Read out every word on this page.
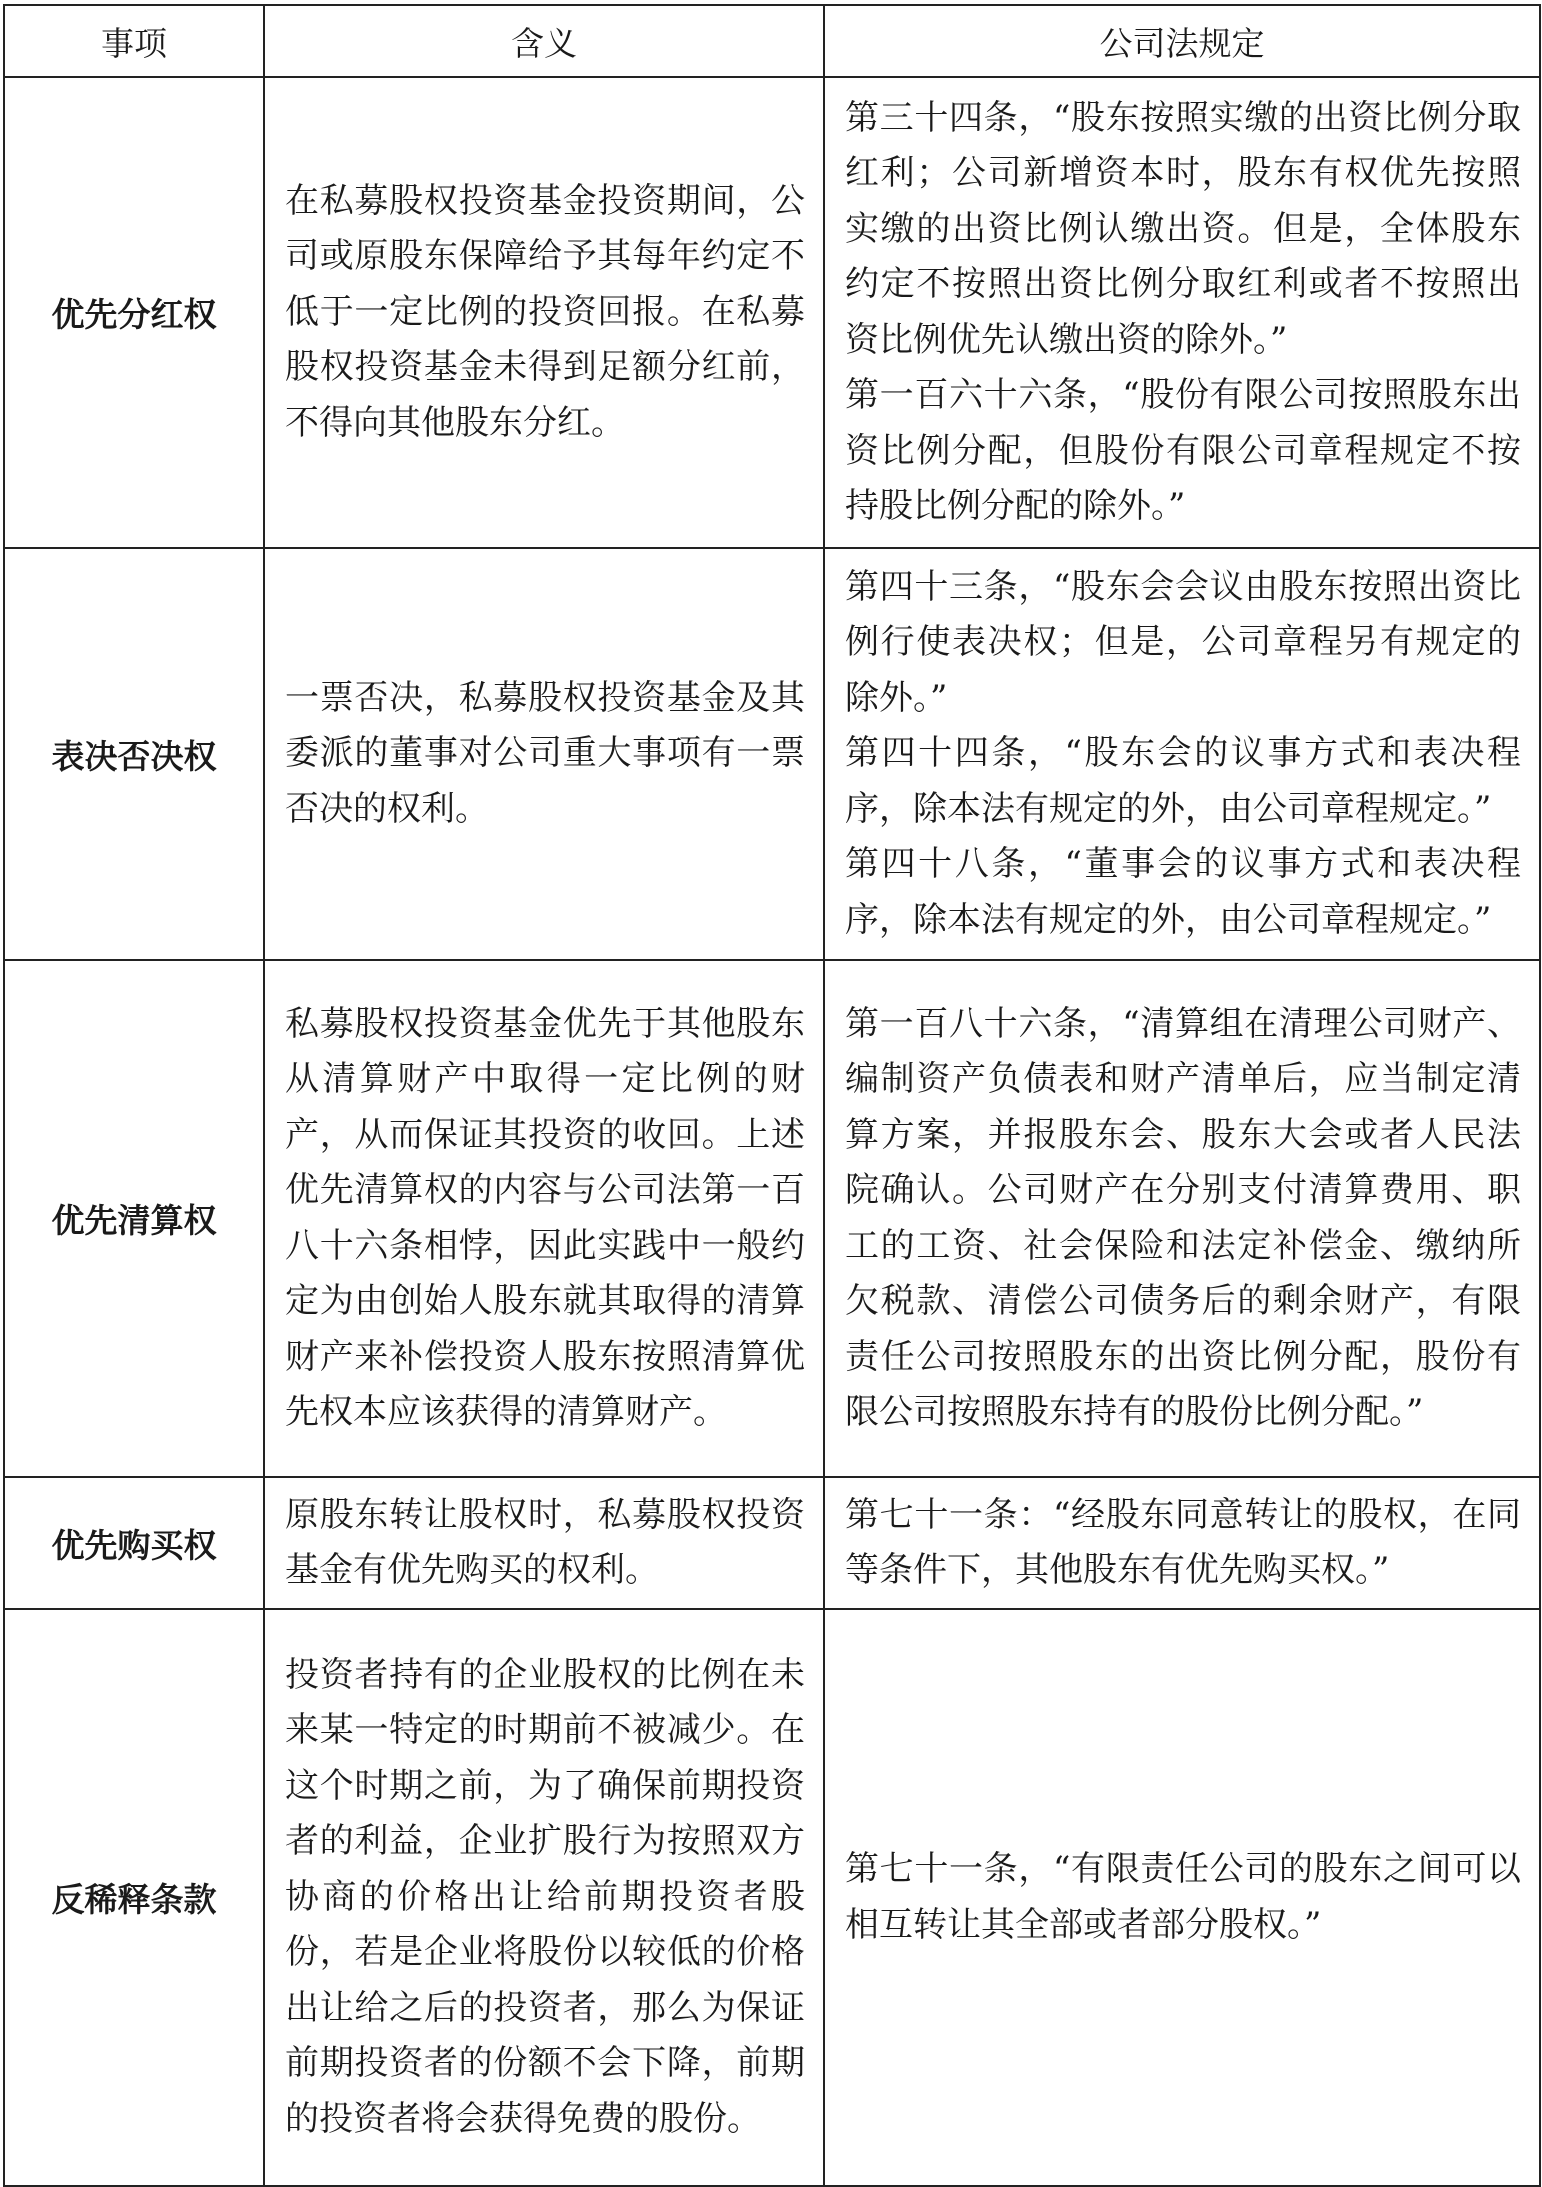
事项	含义	公司法规定
优先分红权	在私募股权投资基金投资期间，公司或原股东保障给予其每年约定不低于一定比例的投资回报。在私募股权投资基金未得到足额分红前，不得向其他股东分红。	第三十四条，“股东按照实缴的出资比例分取红利；公司新增资本时，股东有权优先按照实缴的出资比例认缴出资。但是，全体股东约定不按照出资比例分取红利或者不按照出资比例优先认缴出资的除外。”
第一百六十六条，“股份有限公司按照股东出资比例分配，但股份有限公司章程规定不按持股比例分配的除外。”

表决否决权	一票否决，私募股权投资基金及其委派的董事对公司重大事项有一票否决的权利。	第四十三条，“股东会会议由股东按照出资比例行使表决权；但是，公司章程另有规定的除外。”
第四十四条，“股东会的议事方式和表决程序，除本法有规定的外，由公司章程规定。”
第四十八条，“董事会的议事方式和表决程序，除本法有规定的外，由公司章程规定。”

优先清算权	私募股权投资基金优先于其他股东从清算财产中取得一定比例的财产，从而保证其投资的收回。上述优先清算权的内容与公司法第一百八十六条相悖，因此实践中一般约定为由创始人股东就其取得的清算财产来补偿投资人股东按照清算优先权本应该获得的清算财产。	第一百八十六条，“清算组在清理公司财产、编制资产负债表和财产清单后，应当制定清算方案，并报股东会、股东大会或者人民法院确认。公司财产在分别支付清算费用、职工的工资、社会保险和法定补偿金、缴纳所欠税款、清偿公司债务后的剩余财产，有限责任公司按照股东的出资比例分配，股份有限公司按照股东持有的股份比例分配。”

优先购买权	原股东转让股权时，私募股权投资基金有优先购买的权利。	第七十一条：“经股东同意转让的股权，在同等条件下，其他股东有优先购买权。”

反稀释条款	投资者持有的企业股权的比例在未来某一特定的时期前不被减少。在这个时期之前，为了确保前期投资者的利益，企业扩股行为按照双方协商的价格出让给前期投资者股份，若是企业将股份以较低的价格出让给之后的投资者，那么为保证前期投资者的份额不会下降，前期的投资者将会获得免费的股份。	第七十一条，“有限责任公司的股东之间可以相互转让其全部或者部分股权。”
